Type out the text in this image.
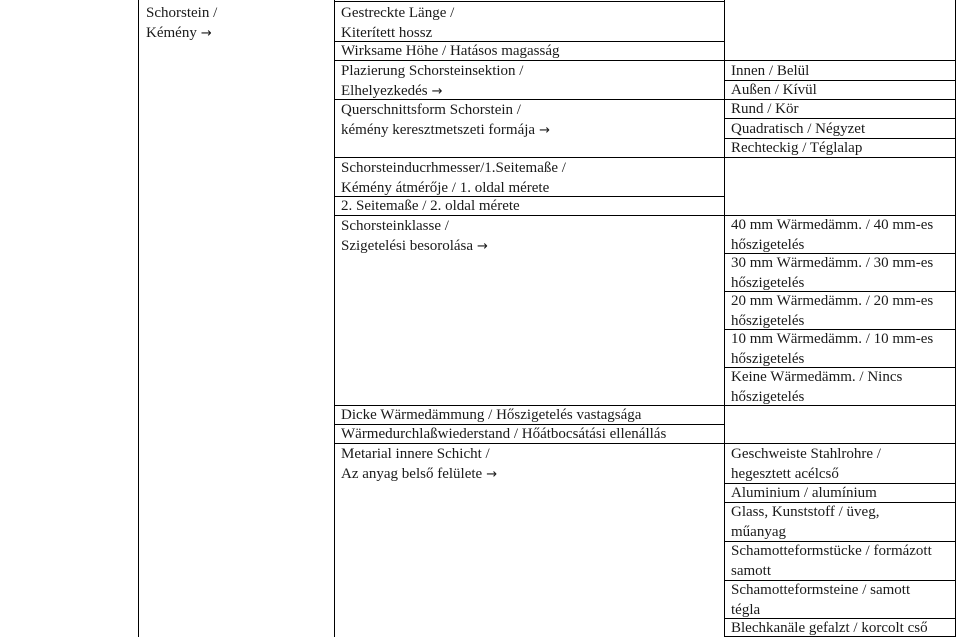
Schorstein /
Kémény →
Gestreckte Länge /
Kiterített hossz
Wirksame Höhe / Hatásos magasság
Plazierung Schorsteinsektion /
Elhelyezkedés →
Querschnittsform Schorstein /
kémény keresztmetszeti formája →
Schorsteinducrhmesser/1.Seitemaße /
Kémény átmérője / 1. oldal mérete
2. Seitemaße / 2. oldal mérete
Schorsteinklasse /
Szigetelési besorolása →
Dicke Wärmedämmung / Hőszigetelés vastagsága
Wärmedurchlaßwiederstand / Hőátbocsátási ellenállás
Metarial innere Schicht /
Az anyag belső felülete →
Innen / Belül
Außen / Kívül
Rund / Kör
Quadratisch / Négyzet
Rechteckig / Téglalap
40 mm Wärmedämm. / 40 mm-es
hőszigetelés
30 mm Wärmedämm. / 30 mm-es
hőszigetelés
20 mm Wärmedämm. / 20 mm-es
hőszigetelés
10 mm Wärmedämm. / 10 mm-es
hőszigetelés
Keine Wärmedämm. / Nincs
hőszigetelés
Geschweiste Stahlrohre /
hegesztett acélcső
Aluminium / alumínium
Glass, Kunststoff / üveg,
műanyag
Schamotteformstücke / formázott
samott
Schamotteformsteine / samott
tégla
Blechkanäle gefalzt / korcolt cső
